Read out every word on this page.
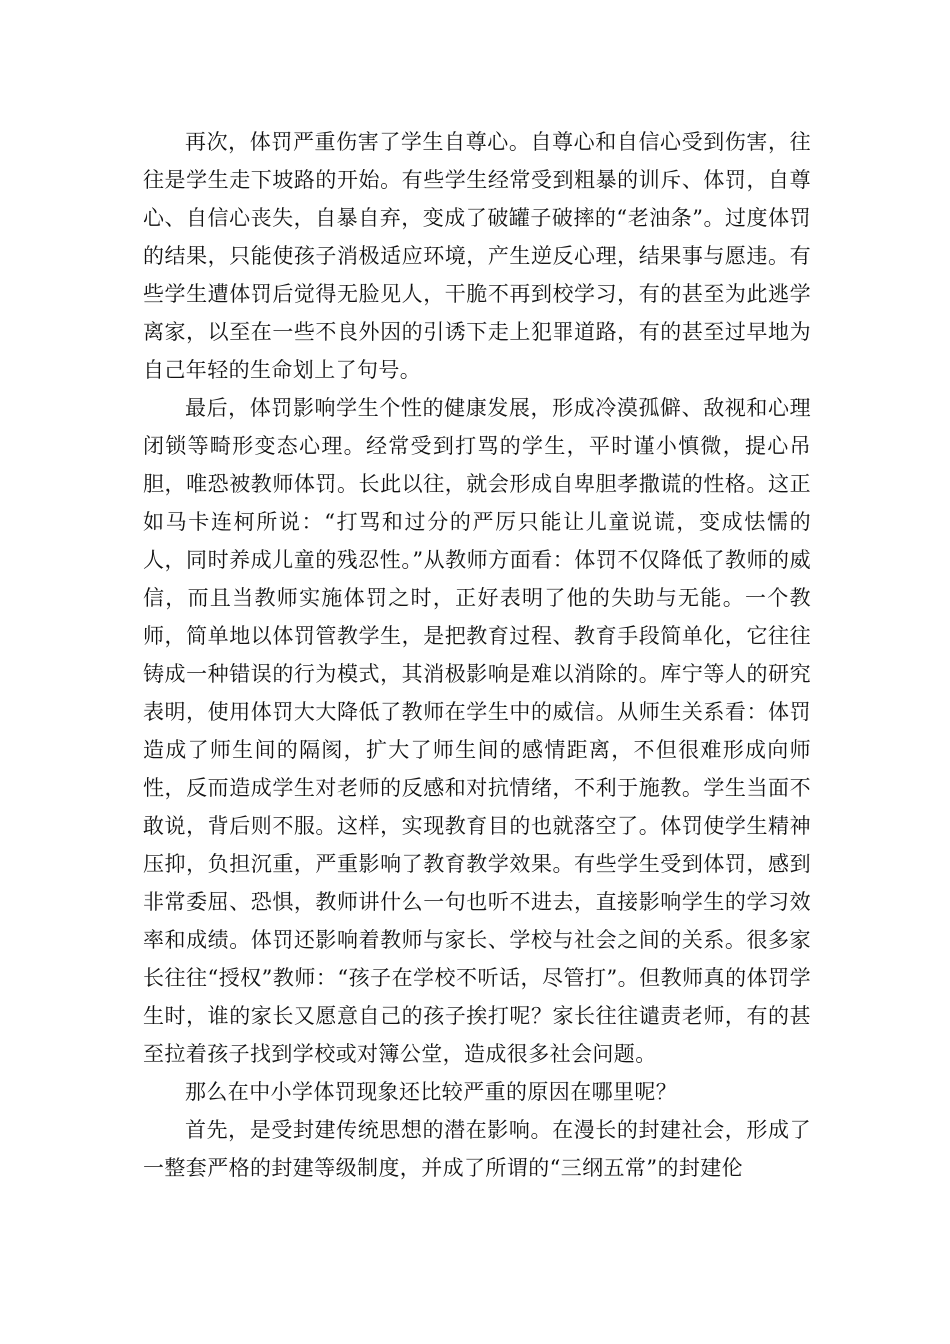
再次，体罚严重伤害了学生自尊心。自尊心和自信心受到伤害，往往是学生走下坡路的开始。有些学生经常受到粗暴的训斥、体罚，自尊心、自信心丧失，自暴自弃，变成了破罐子破摔的“老油条”。过度体罚的结果，只能使孩子消极适应环境，产生逆反心理，结果事与愿违。有些学生遭体罚后觉得无脸见人，干脆不再到校学习，有的甚至为此逃学离家，以至在一些不良外因的引诱下走上犯罪道路，有的甚至过早地为自己年轻的生命划上了句号。

最后，体罚影响学生个性的健康发展，形成冷漠孤僻、敌视和心理闭锁等畸形变态心理。经常受到打骂的学生，平时谨小慎微，提心吊胆，唯恐被教师体罚。长此以往，就会形成自卑胆孝撒谎的性格。这正如马卡连柯所说：“打骂和过分的严厉只能让儿童说谎，变成怯懦的人，同时养成儿童的残忍性。”从教师方面看：体罚不仅降低了教师的威信，而且当教师实施体罚之时，正好表明了他的失助与无能。一个教师，简单地以体罚管教学生，是把教育过程、教育手段简单化，它往往铸成一种错误的行为模式，其消极影响是难以消除的。库宁等人的研究表明，使用体罚大大降低了教师在学生中的威信。从师生关系看：体罚造成了师生间的隔阂，扩大了师生间的感情距离，不但很难形成向师性，反而造成学生对老师的反感和对抗情绪，不利于施教。学生当面不敢说，背后则不服。这样，实现教育目的也就落空了。体罚使学生精神压抑，负担沉重，严重影响了教育教学效果。有些学生受到体罚，感到非常委屈、恐惧，教师讲什么一句也听不进去，直接影响学生的学习效率和成绩。体罚还影响着教师与家长、学校与社会之间的关系。很多家长往往“授权”教师：“孩子在学校不听话，尽管打”。但教师真的体罚学生时，谁的家长又愿意自己的孩子挨打呢？家长往往谴责老师，有的甚至拉着孩子找到学校或对簿公堂，造成很多社会问题。

那么在中小学体罚现象还比较严重的原因在哪里呢？

首先，是受封建传统思想的潜在影响。在漫长的封建社会，形成了一整套严格的封建等级制度，并成了所谓的“三纲五常”的封建伦
